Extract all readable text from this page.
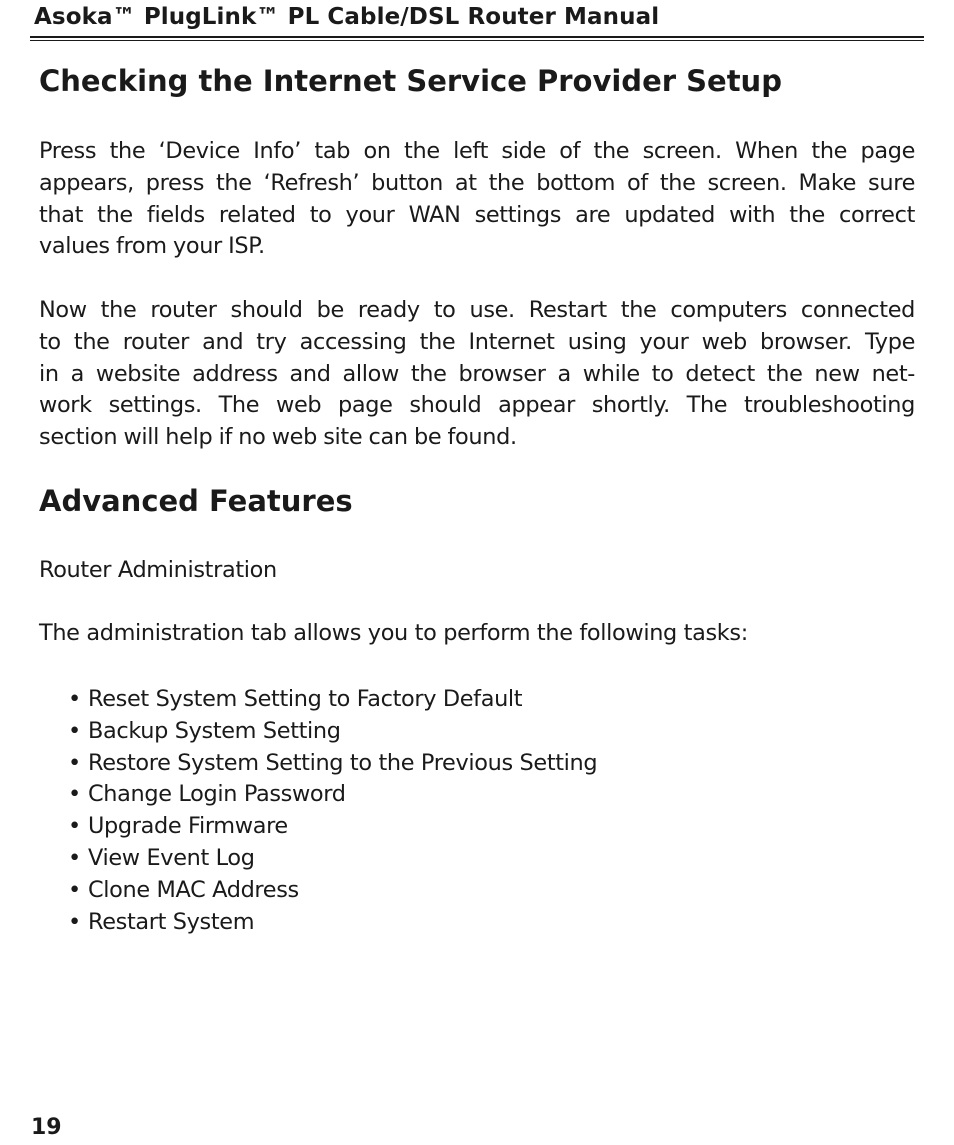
Asoka™ PlugLink™ PL Cable/DSL Router Manual
Checking the Internet Service Provider Setup
Press the ‘Device Info’ tab on the left side of the screen. When the page
appears, press the ‘Refresh’ button at the bottom of the screen. Make sure
that the fields related to your WAN settings are updated with the correct
values from your ISP.
Now the router should be ready to use. Restart the computers connected
to the router and try accessing the Internet using your web browser. Type
in a website address and allow the browser a while to detect the new net-
work settings. The web page should appear shortly. The troubleshooting
section will help if no web site can be found.
Advanced Features

Router Administration

The administration tab allows you to perform the following tasks:

• Reset System Setting to Factory Default
• Backup System Setting
• Restore System Setting to the Previous Setting
• Change Login Password
• Upgrade Firmware
• View Event Log
• Clone MAC Address
• Restart System
19
